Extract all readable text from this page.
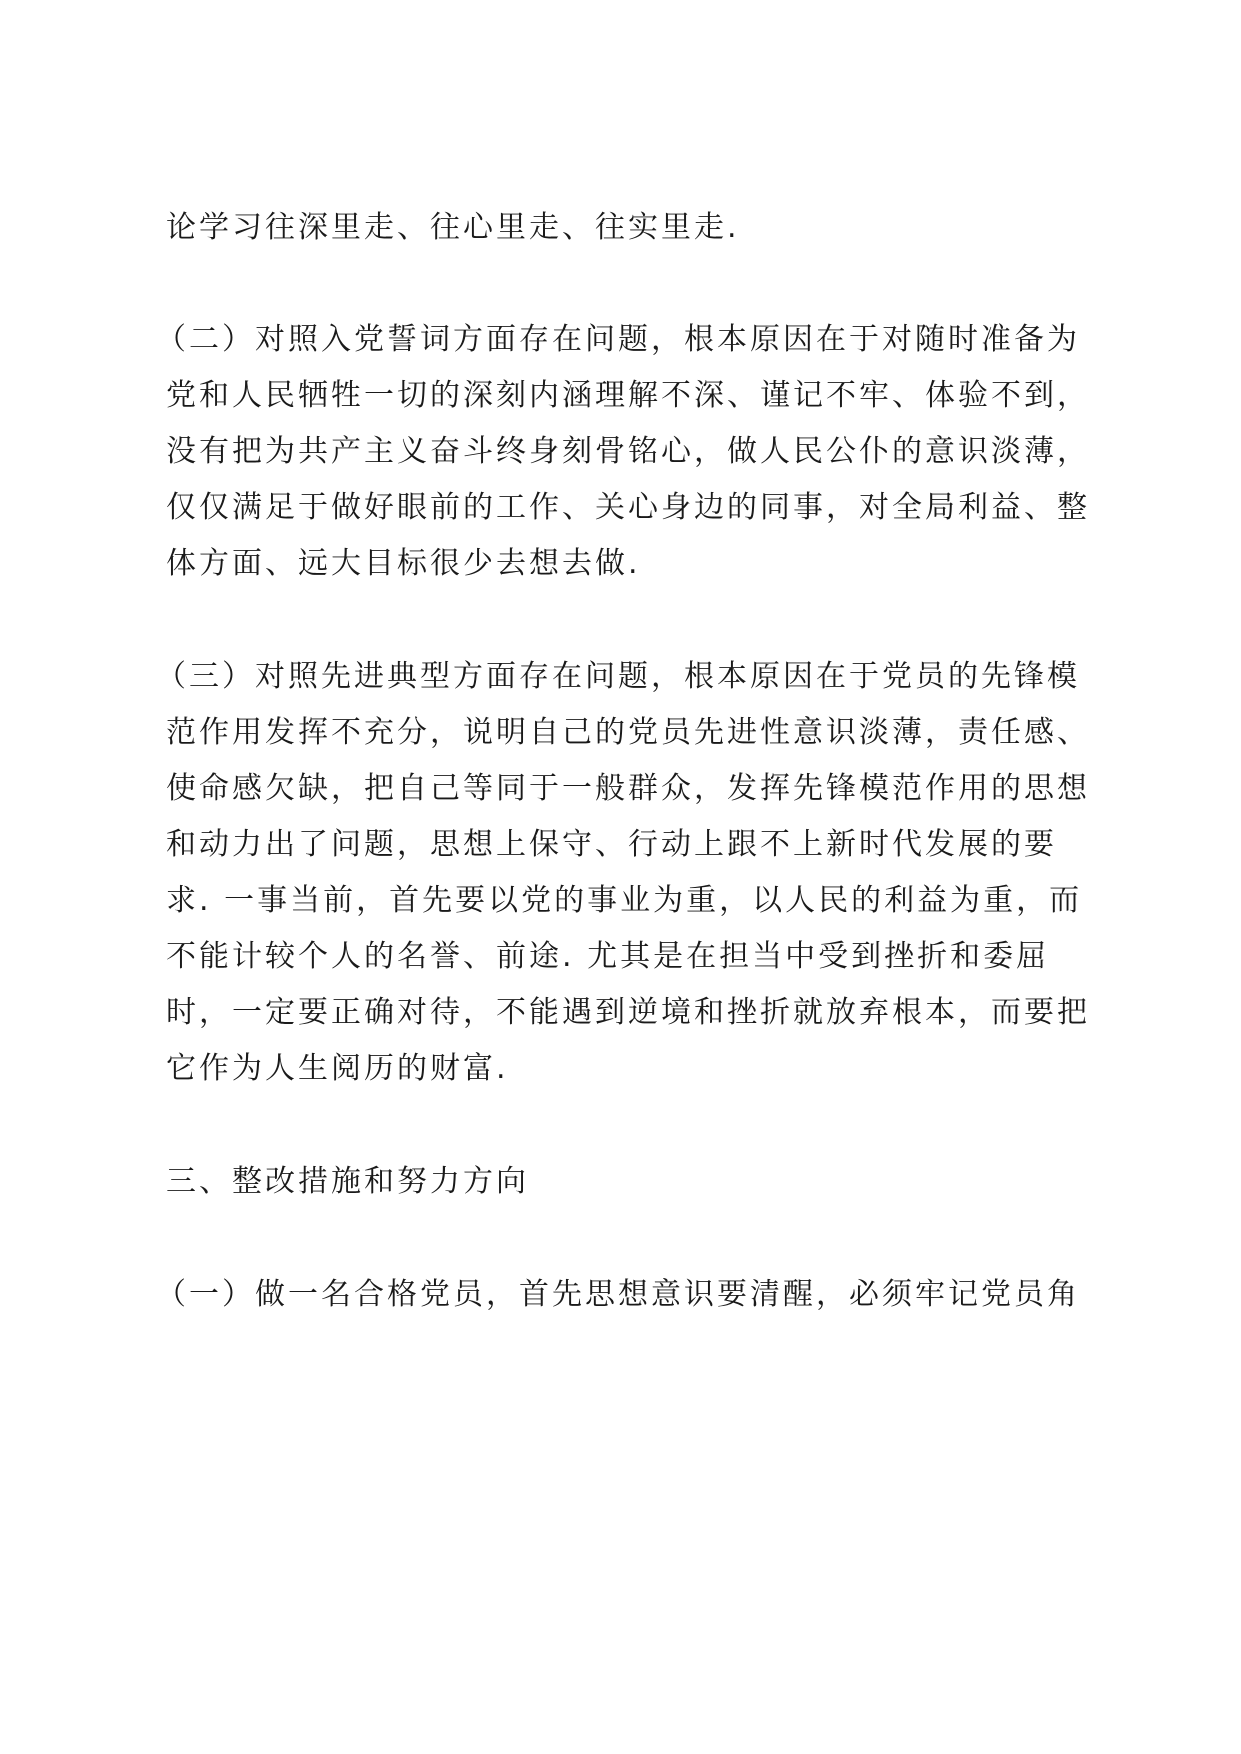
论学习往深里走、往心里走、往实里走.
（二）对照入党誓词方面存在问题，根本原因在于对随时准备为
党和人民牺牲一切的深刻内涵理解不深、谨记不牢、体验不到，
没有把为共产主义奋斗终身刻骨铭心，做人民公仆的意识淡薄，
仅仅满足于做好眼前的工作、关心身边的同事，对全局利益、整
体方面、远大目标很少去想去做.
（三）对照先进典型方面存在问题，根本原因在于党员的先锋模
范作用发挥不充分，说明自己的党员先进性意识淡薄，责任感、
使命感欠缺，把自己等同于一般群众，发挥先锋模范作用的思想
和动力出了问题，思想上保守、行动上跟不上新时代发展的要
求. 一事当前，首先要以党的事业为重，以人民的利益为重，而
不能计较个人的名誉、前途. 尤其是在担当中受到挫折和委屈
时，一定要正确对待，不能遇到逆境和挫折就放弃根本，而要把
它作为人生阅历的财富.
三、整改措施和努力方向
（一）做一名合格党员，首先思想意识要清醒，必须牢记党员角
